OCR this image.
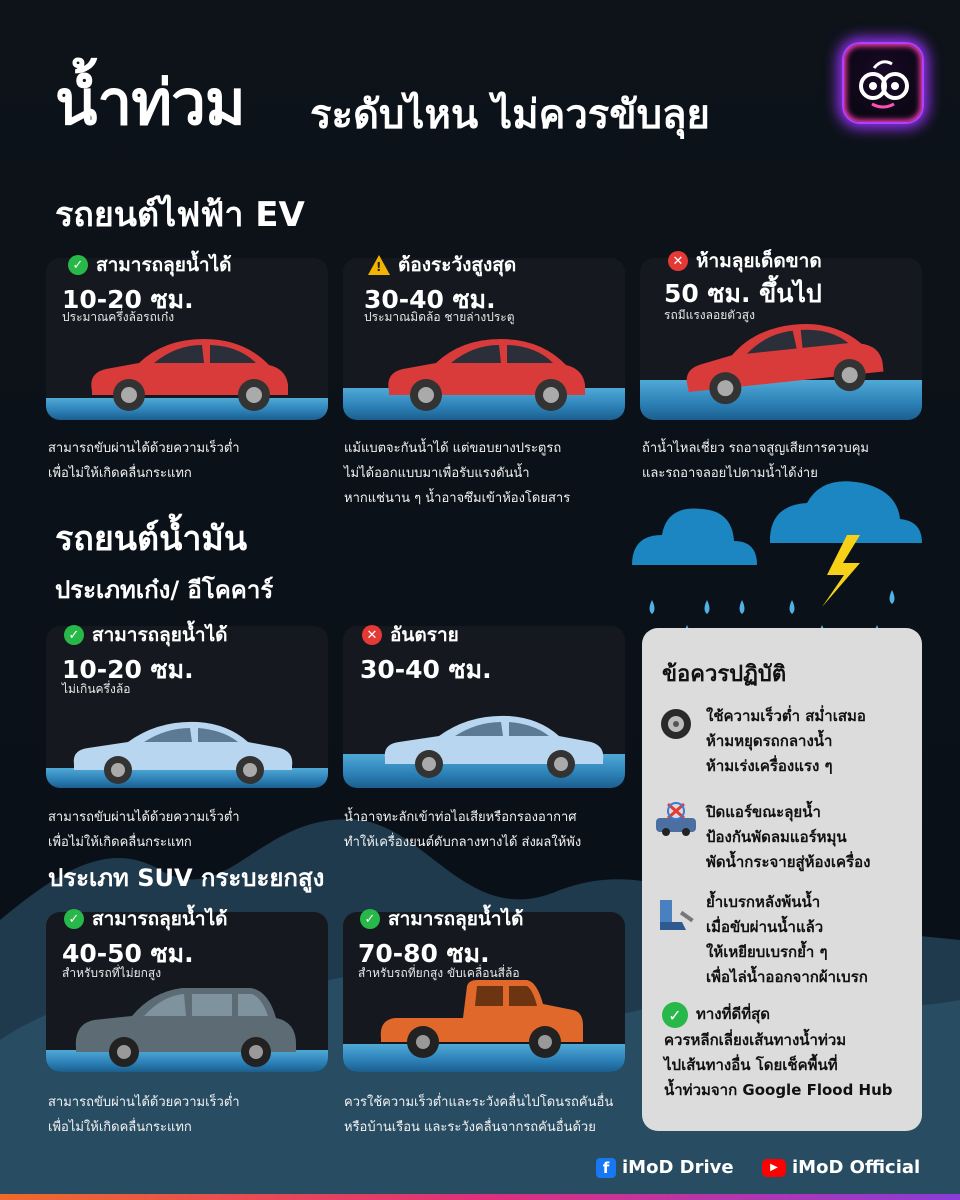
น้ำท่วม ระดับไหน ไม่ควรขับลุย
รถยนต์ไฟฟ้า EV
✓ สามารถลุยน้ำได้
10-20 ซม.
ประมาณครึ่งล้อรถเก๋ง
สามารถขับผ่านได้ด้วยความเร็วต่ำ
เพื่อไม่ให้เกิดคลื่นกระแทก
! ต้องระวังสูงสุด
30-40 ซม.
ประมาณมิดล้อ ชายล่างประตู
แม้แบตจะกันน้ำได้ แต่ขอบยางประตูรถ
ไม่ได้ออกแบบมาเพื่อรับแรงดันน้ำ
หากแช่นาน ๆ น้ำอาจซึมเข้าห้องโดยสาร
✕ ห้ามลุยเด็ดขาด
50 ซม. ขึ้นไป
รถมีแรงลอยตัวสูง
ถ้าน้ำไหลเชี่ยว รถอาจสูญเสียการควบคุม
และรถอาจลอยไปตามน้ำได้ง่าย
รถยนต์น้ำมัน
ประเภทเก๋ง/ อีโคคาร์
✓ สามารถลุยน้ำได้
10-20 ซม.
ไม่เกินครึ่งล้อ
สามารถขับผ่านได้ด้วยความเร็วต่ำ
เพื่อไม่ให้เกิดคลื่นกระแทก
✕ อันตราย
30-40 ซม.
น้ำอาจทะลักเข้าท่อไอเสียหรือกรองอากาศ
ทำให้เครื่องยนต์ดับกลางทางได้ ส่งผลให้พัง
ประเภท SUV กระบะยกสูง
✓ สามารถลุยน้ำได้
40-50 ซม.
สำหรับรถที่ไม่ยกสูง
สามารถขับผ่านได้ด้วยความเร็วต่ำ
เพื่อไม่ให้เกิดคลื่นกระแทก
✓ สามารถลุยน้ำได้
70-80 ซม.
สำหรับรถที่ยกสูง ขับเคลื่อนสี่ล้อ
ควรใช้ความเร็วต่ำและระวังคลื่นไปโดนรถคันอื่น
หรือบ้านเรือน และระวังคลื่นจากรถคันอื่นด้วย
ข้อควรปฏิบัติ
ใช้ความเร็วต่ำ สม่ำเสมอ
ห้ามหยุดรถกลางน้ำ
ห้ามเร่งเครื่องแรง ๆ
ปิดแอร์ขณะลุยน้ำ
ป้องกันพัดลมแอร์หมุน
พัดน้ำกระจายสู่ห้องเครื่อง
ย้ำเบรกหลังพ้นน้ำ
เมื่อขับผ่านน้ำแล้ว
ให้เหยียบเบรกย้ำ ๆ
เพื่อไล่น้ำออกจากผ้าเบรก
✓ ทางที่ดีที่สุด
ควรหลีกเลี่ยงเส้นทางน้ำท่วม
ไปเส้นทางอื่น โดยเช็คพื้นที่
น้ำท่วมจาก Google Flood Hub
f iMoD Drive	▶ iMoD Official
